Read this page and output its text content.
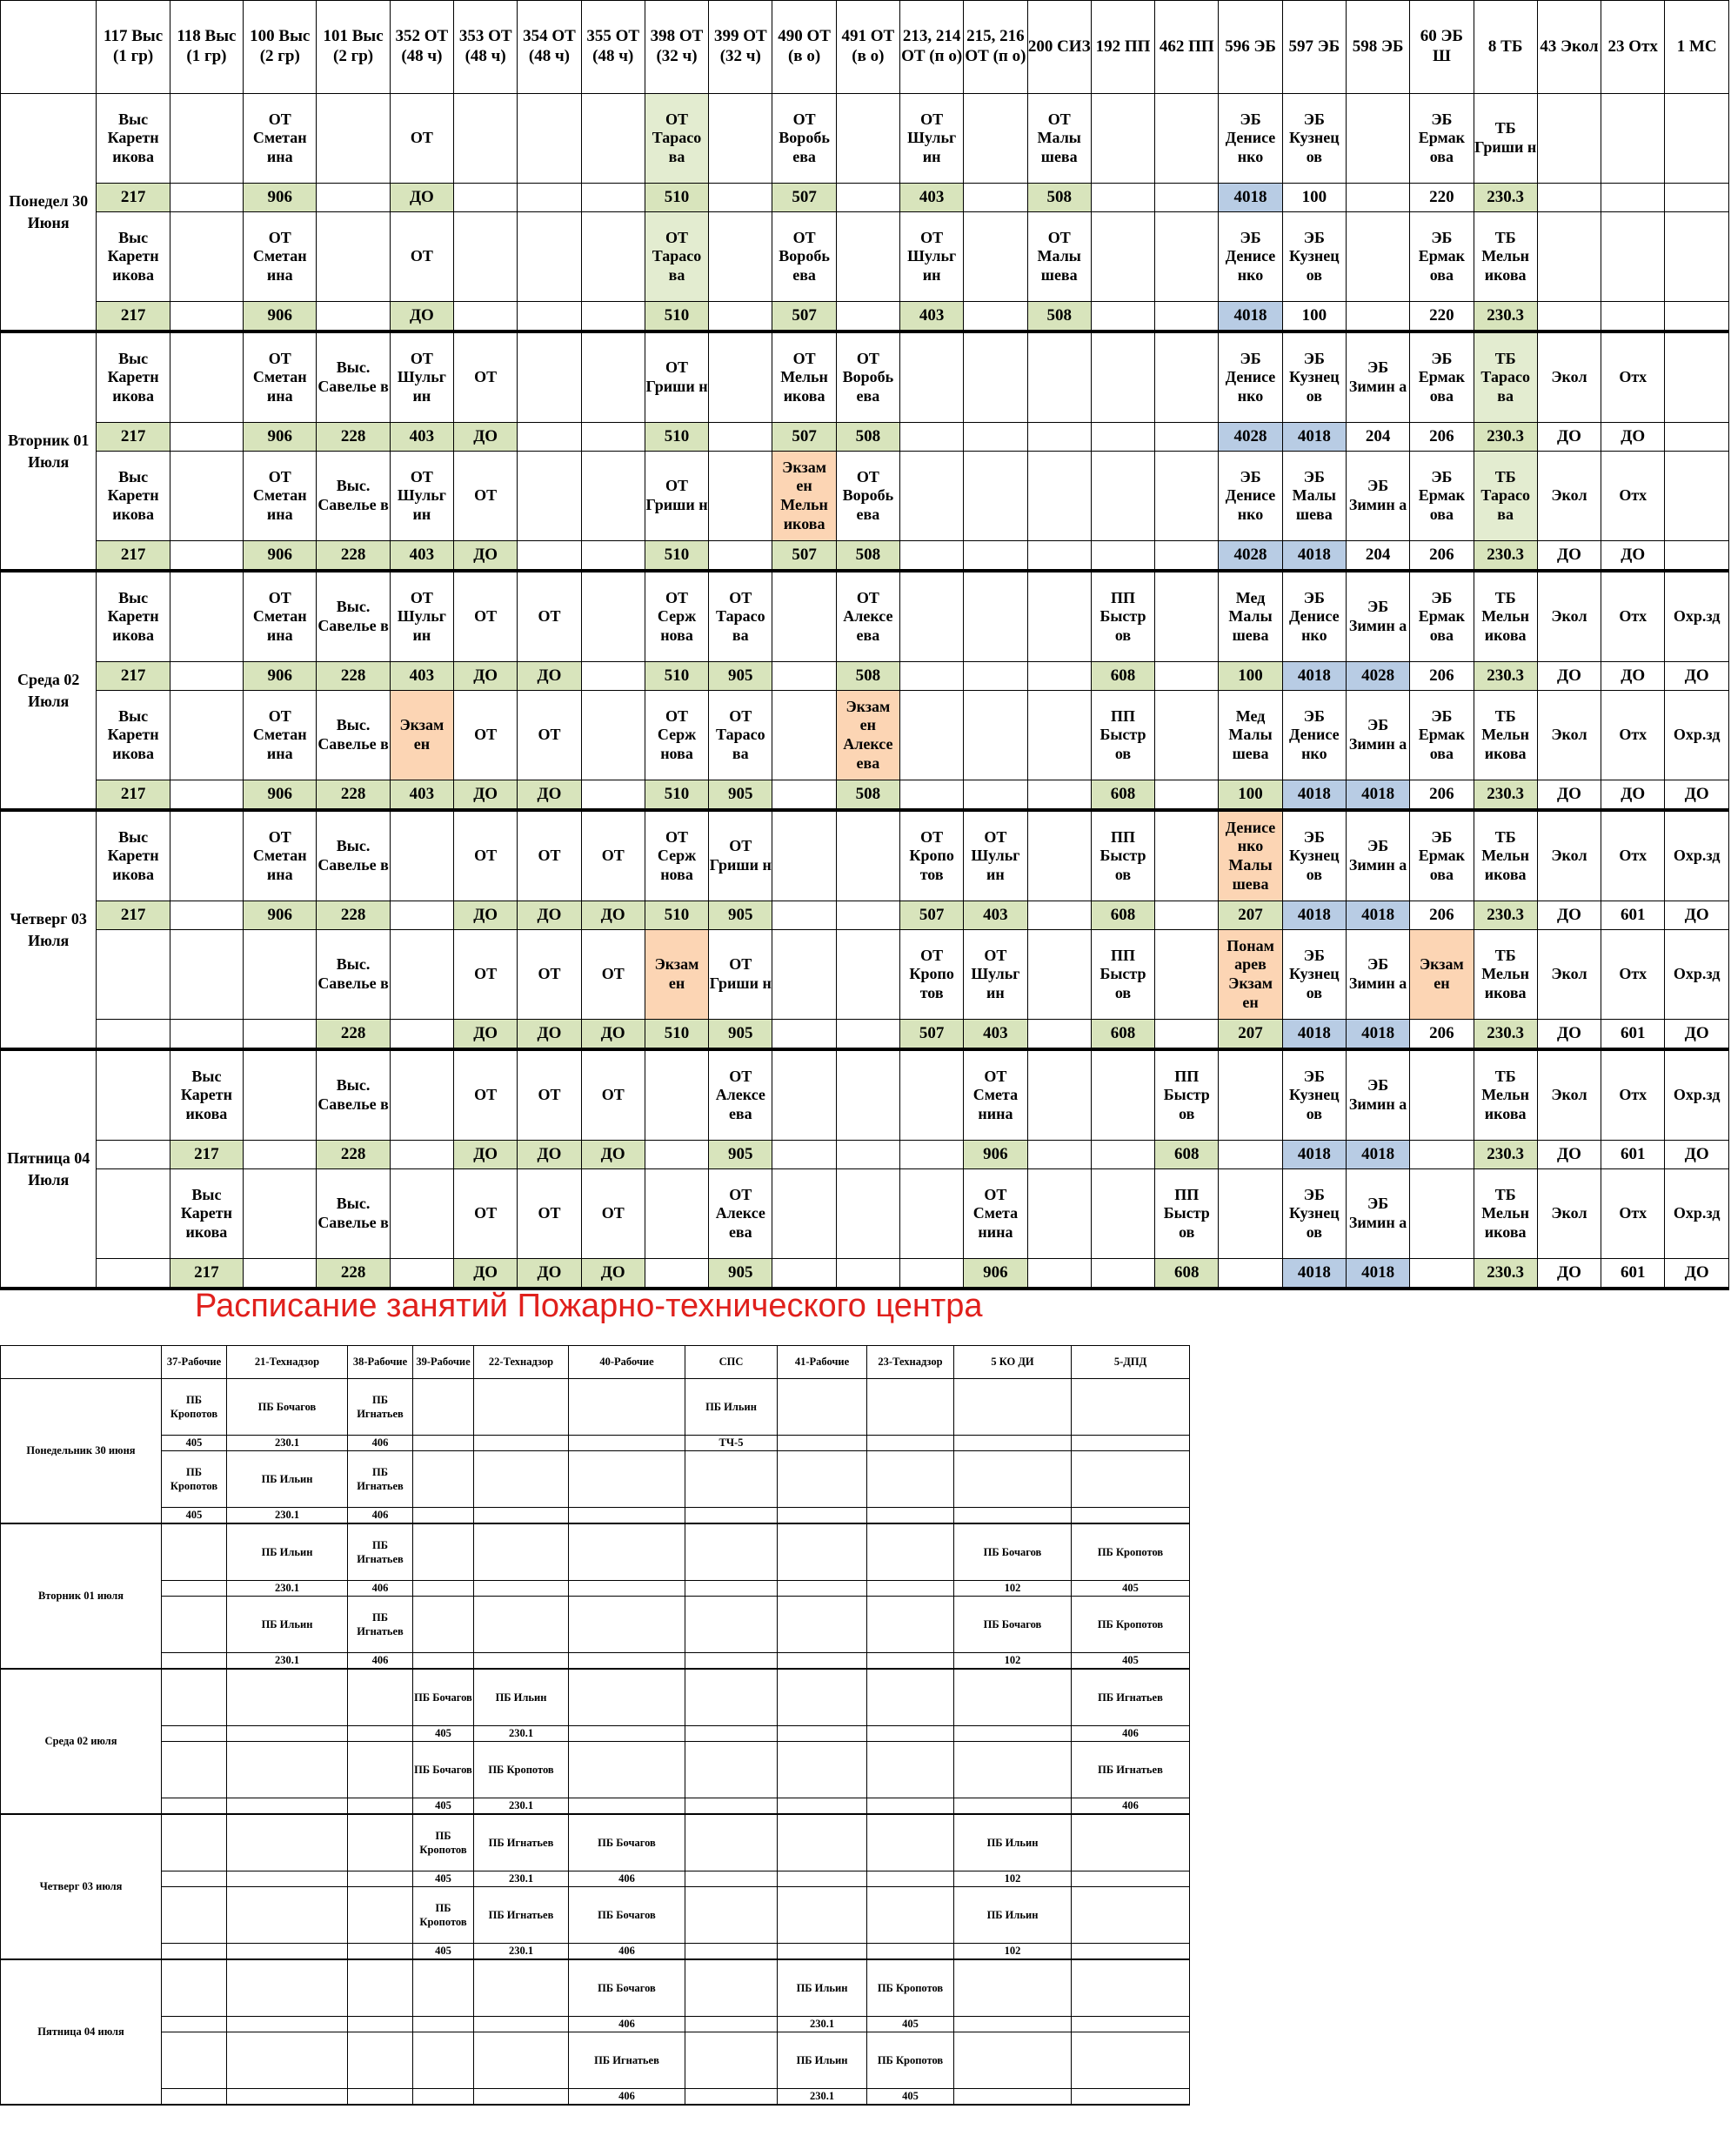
	117 Выс (1 гр)	118 Выс (1 гр)	100 Выс (2 гр)	101 Выс (2 гр)	352 ОТ (48 ч)	353 ОТ (48 ч)	354 ОТ (48 ч)	355 ОТ (48 ч)	398 ОТ (32 ч)	399 ОТ (32 ч)	490 ОТ (в о)	491 ОТ (в о)	213, 214 ОТ (п о)	215, 216 ОТ (п о)	200 СИЗ	192 ПП	462 ПП	596 ЭБ	597 ЭБ	598 ЭБ	60 ЭБ Ш	8 ТБ	43 Экол	23 Отх	1 МС
Понедел 30 Июня	Выс Каретн икова		ОТ Сметан ина		ОТ				ОТ Тарасо ва		ОТ Воробь ева		ОТ Шульг ин		ОТ Малы шева			ЭБ Денисе нко	ЭБ Кузнец ов		ЭБ Ермак ова	ТБ Гриши н			
	217		906		ДО				510		507		403		508			4018	100		220	230.3			
	Выс Каретн икова		ОТ Сметан ина		ОТ				ОТ Тарасо ва		ОТ Воробь ева		ОТ Шульг ин		ОТ Малы шева			ЭБ Денисе нко	ЭБ Кузнец ов		ЭБ Ермак ова	ТБ Мельн икова			
	217		906		ДО				510		507		403		508			4018	100		220	230.3			
Вторник 01 Июля	Выс Каретн икова		ОТ Сметан ина	Выс. Савелье в	ОТ Шульг ин	ОТ			ОТ Гриши н		ОТ Мельн икова	ОТ Воробь ева						ЭБ Денисе нко	ЭБ Кузнец ов	ЭБ Зимин а	ЭБ Ермак ова	ТБ Тарасо ва	Экол	Отх	
	217		906	228	403	ДО			510		507	508						4028	4018	204	206	230.3	ДО	ДО	
	Выс Каретн икова		ОТ Сметан ина	Выс. Савелье в	ОТ Шульг ин	ОТ			ОТ Гриши н		Экзам ен Мельн икова	ОТ Воробь ева						ЭБ Денисе нко	ЭБ Малы шева	ЭБ Зимин а	ЭБ Ермак ова	ТБ Тарасо ва	Экол	Отх	
	217		906	228	403	ДО			510		507	508						4028	4018	204	206	230.3	ДО	ДО	
Среда 02 Июля	Выс Каретн икова		ОТ Сметан ина	Выс. Савелье в	ОТ Шульг ин	ОТ	ОТ		ОТ Серж нова	ОТ Тарасо ва		ОТ Алексе ева				ПП Быстр ов		Мед Малы шева	ЭБ Денисе нко	ЭБ Зимин а	ЭБ Ермак ова	ТБ Мельн икова	Экол	Отх	Охр.зд
	217		906	228	403	ДО	ДО		510	905		508				608		100	4018	4028	206	230.3	ДО	ДО	ДО
	Выс Каретн икова		ОТ Сметан ина	Выс. Савелье в	Экзам ен	ОТ	ОТ		ОТ Серж нова	ОТ Тарасо ва		Экзам ен Алексе ева				ПП Быстр ов		Мед Малы шева	ЭБ Денисе нко	ЭБ Зимин а	ЭБ Ермак ова	ТБ Мельн икова	Экол	Отх	Охр.зд
	217		906	228	403	ДО	ДО		510	905		508				608		100	4018	4018	206	230.3	ДО	ДО	ДО
Четверг 03 Июля	Выс Каретн икова		ОТ Сметан ина	Выс. Савелье в		ОТ	ОТ	ОТ	ОТ Серж нова	ОТ Гриши н			ОТ Кропо тов	ОТ Шульг ин		ПП Быстр ов		Денисе нко Малы шева	ЭБ Кузнец ов	ЭБ Зимин а	ЭБ Ермак ова	ТБ Мельн икова	Экол	Отх	Охр.зд
	217		906	228		ДО	ДО	ДО	510	905			507	403		608		207	4018	4018	206	230.3	ДО	601	ДО
				Выс. Савелье в		ОТ	ОТ	ОТ	Экзам ен	ОТ Гриши н			ОТ Кропо тов	ОТ Шульг ин		ПП Быстр ов		Понам арев Экзам ен	ЭБ Кузнец ов	ЭБ Зимин а	Экзам ен	ТБ Мельн икова	Экол	Отх	Охр.зд
				228		ДО	ДО	ДО	510	905			507	403		608		207	4018	4018	206	230.3	ДО	601	ДО
Пятница 04 Июля		Выс Каретн икова		Выс. Савелье в		ОТ	ОТ	ОТ		ОТ Алексе ева				ОТ Смета нина			ПП Быстр ов		ЭБ Кузнец ов	ЭБ Зимин а		ТБ Мельн икова	Экол	Отх	Охр.зд
		217		228		ДО	ДО	ДО		905				906			608		4018	4018		230.3	ДО	601	ДО
		Выс Каретн икова		Выс. Савелье в		ОТ	ОТ	ОТ		ОТ Алексе ева				ОТ Смета нина			ПП Быстр ов		ЭБ Кузнец ов	ЭБ Зимин а		ТБ Мельн икова	Экол	Отх	Охр.зд
		217		228		ДО	ДО	ДО		905				906			608		4018	4018		230.3	ДО	601	ДО
Расписание занятий Пожарно-технического центра
	37-Рабочие	21-Технадзор	38-Рабочие	39-Рабочие	22-Технадзор	40-Рабочие	СПС	41-Рабочие	23-Технадзор	5 КО ДИ	5-ДПД
Понедельник 30 июня	ПБ Кропотов	ПБ Бочагов	ПБ Игнатьев				ПБ Ильин				
	405	230.1	406				ТЧ-5				
	ПБ Кропотов	ПБ Ильин	ПБ Игнатьев								
	405	230.1	406								
Вторник 01 июля		ПБ Ильин	ПБ Игнатьев							ПБ Бочагов	ПБ Кропотов
		230.1	406							102	405
		ПБ Ильин	ПБ Игнатьев							ПБ Бочагов	ПБ Кропотов
		230.1	406							102	405
Среда 02 июля				ПБ Бочагов	ПБ Ильин						ПБ Игнатьев
				405	230.1						406
				ПБ Бочагов	ПБ Кропотов						ПБ Игнатьев
				405	230.1						406
Четверг 03 июля				ПБ Кропотов	ПБ Игнатьев	ПБ Бочагов				ПБ Ильин	
				405	230.1	406				102	
				ПБ Кропотов	ПБ Игнатьев	ПБ Бочагов				ПБ Ильин	
				405	230.1	406				102	
Пятница 04 июля						ПБ Бочагов		ПБ Ильин	ПБ Кропотов		
						406		230.1	405		
						ПБ Игнатьев		ПБ Ильин	ПБ Кропотов		
						406		230.1	405		
